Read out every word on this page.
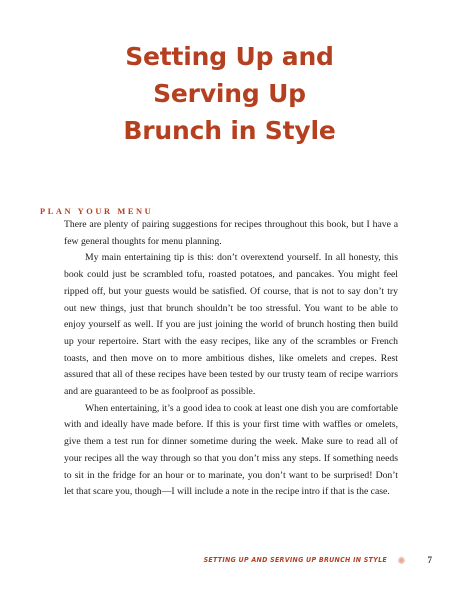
Setting Up and
Serving Up
Brunch in Style
PLAN YOUR MENU

There are plenty of pairing suggestions for recipes throughout this book, but I have a few general thoughts for menu planning.

My main entertaining tip is this: don’t overextend yourself. In all honesty, this book could just be scrambled tofu, roasted potatoes, and pancakes. You might feel ripped off, but your guests would be satisfied. Of course, that is not to say don’t try out new things, just that brunch shouldn’t be too stressful. You want to be able to enjoy yourself as well. If you are just joining the world of brunch hosting then build up your repertoire. Start with the easy recipes, like any of the scrambles or French toasts, and then move on to more ambitious dishes, like omelets and crepes. Rest assured that all of these recipes have been tested by our trusty team of recipe warriors and are guaranteed to be as foolproof as possible.

When entertaining, it’s a good idea to cook at least one dish you are comfortable with and ideally have made before. If this is your first time with waffles or omelets, give them a test run for dinner sometime during the week. Make sure to read all of your recipes all the way through so that you don’t miss any steps. If something needs to sit in the fridge for an hour or to marinate, you don’t want to be surprised! Don’t let that scare you, though—I will include a note in the recipe intro if that is the case.

SETTING UP AND SERVING UP BRUNCH IN STYLE ✺ 7
